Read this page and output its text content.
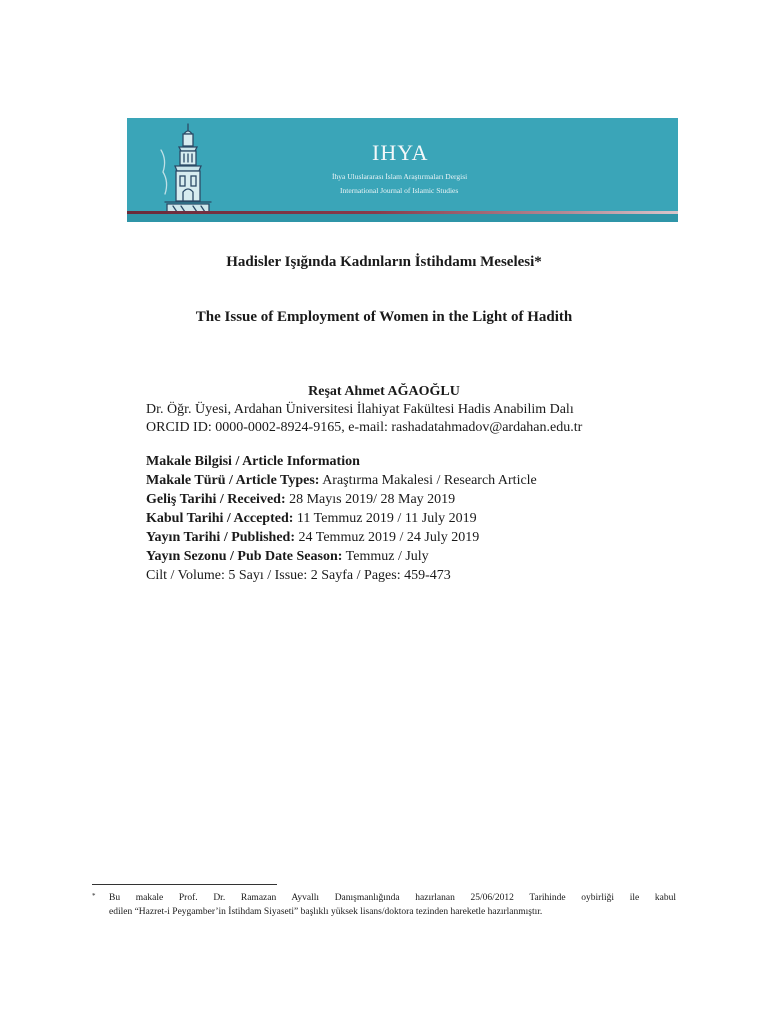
IHYA
İhya Uluslararası İslam Araştırmaları Dergisi
International Journal of Islamic Studies
Hadisler Işığında Kadınların İstihdamı Meselesi*
The Issue of Employment of Women in the Light of Hadith
Reşat Ahmet AĞAOĞLU
Dr. Öğr. Üyesi, Ardahan Üniversitesi İlahiyat Fakültesi Hadis Anabilim Dalı
ORCID ID: 0000-0002-8924-9165, e-mail: rashadatahmadov@ardahan.edu.tr
Makale Bilgisi / Article Information
Makale Türü / Article Types: Araştırma Makalesi / Research Article
Geliş Tarihi / Received: 28 Mayıs 2019/ 28 May 2019
Kabul Tarihi / Accepted: 11 Temmuz 2019 / 11 July 2019
Yayın Tarihi / Published: 24 Temmuz 2019 / 24 July 2019
Yayın Sezonu / Pub Date Season: Temmuz / July
Cilt / Volume: 5 Sayı / Issue: 2 Sayfa / Pages: 459-473
* Bu makale Prof. Dr. Ramazan Ayvallı Danışmanlığında hazırlanan 25/06/2012 Tarihinde oybirliği ile kabul
edilen “Hazret-i Peygamber’in İstihdam Siyaseti” başlıklı yüksek lisans/doktora tezinden hareketle hazırlanmıştır.
